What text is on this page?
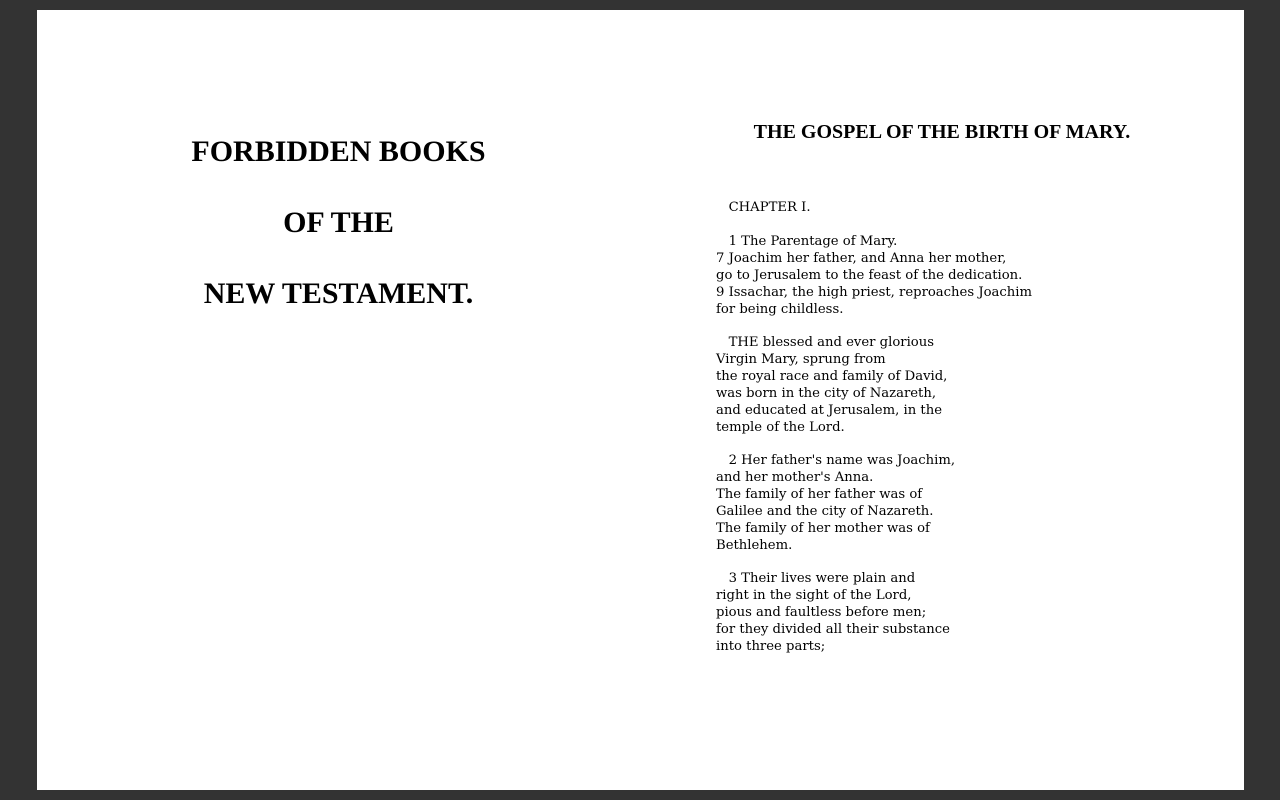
FORBIDDEN BOOKS
OF THE
NEW TESTAMENT.
THE GOSPEL OF THE BIRTH OF MARY.

CHAPTER I.

1 The Parentage of Mary.
7 Joachim her father, and Anna her mother,
go to Jerusalem to the feast of the dedication.
9 Issachar, the high priest, reproaches Joachim
for being childless.

THE blessed and ever glorious
Virgin Mary, sprung from
the royal race and family of David,
was born in the city of Nazareth,
and educated at Jerusalem, in the
temple of the Lord.

2 Her father's name was Joachim,
and her mother's Anna.
The family of her father was of
Galilee and the city of Nazareth.
The family of her mother was of
Bethlehem.

3 Their lives were plain and
right in the sight of the Lord,
pious and faultless before men;
for they divided all their substance
into three parts;
